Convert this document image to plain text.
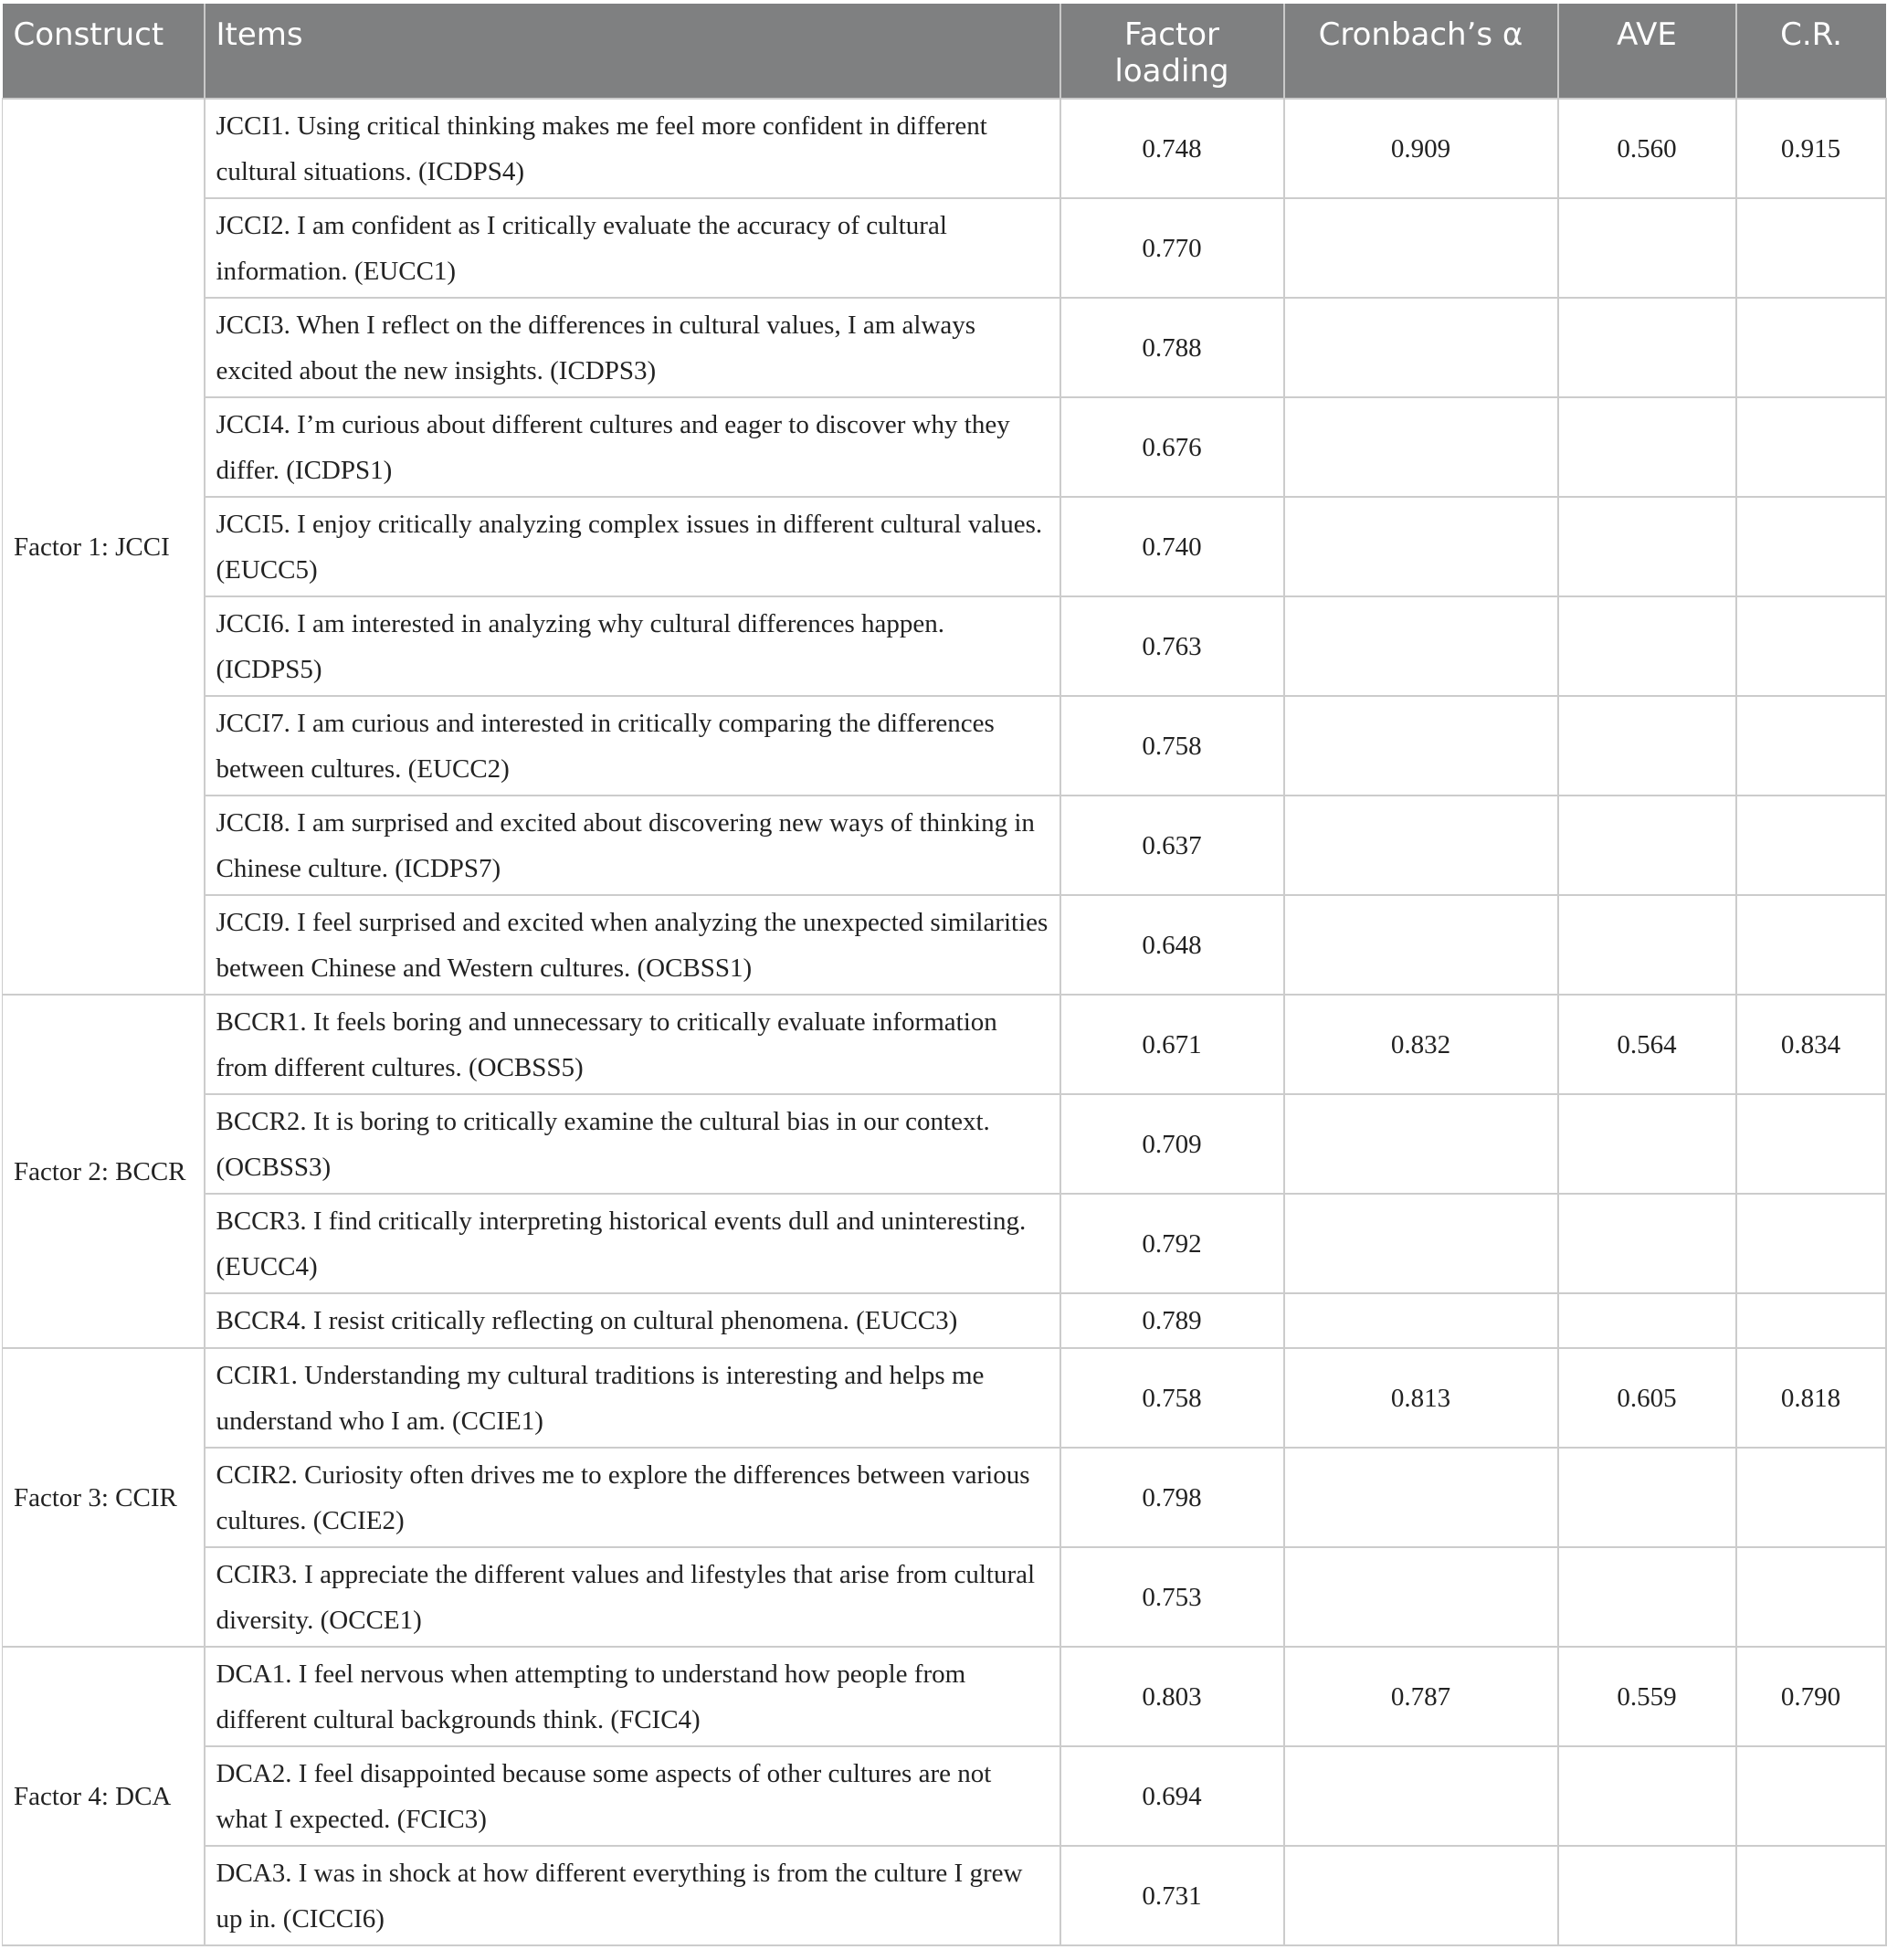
Construct	Items	Factor loading	Cronbach’s α	AVE	C.R.
Factor 1: JCCI	JCCI1. Using critical thinking makes me feel more confident in different cultural situations. (ICDPS4)	0.748	0.909	0.560	0.915
	JCCI2. I am confident as I critically evaluate the accuracy of cultural information. (EUCC1)	0.770			
	JCCI3. When I reflect on the differences in cultural values, I am always excited about the new insights. (ICDPS3)	0.788			
	JCCI4. I’m curious about different cultures and eager to discover why they differ. (ICDPS1)	0.676			
	JCCI5. I enjoy critically analyzing complex issues in different cultural values. (EUCC5)	0.740			
	JCCI6. I am interested in analyzing why cultural differences happen. (ICDPS5)	0.763			
	JCCI7. I am curious and interested in critically comparing the differences between cultures. (EUCC2)	0.758			
	JCCI8. I am surprised and excited about discovering new ways of thinking in Chinese culture. (ICDPS7)	0.637			
	JCCI9. I feel surprised and excited when analyzing the unexpected similarities between Chinese and Western cultures. (OCBSS1)	0.648			
Factor 2: BCCR	BCCR1. It feels boring and unnecessary to critically evaluate information from different cultures. (OCBSS5)	0.671	0.832	0.564	0.834
	BCCR2. It is boring to critically examine the cultural bias in our context. (OCBSS3)	0.709			
	BCCR3. I find critically interpreting historical events dull and uninteresting. (EUCC4)	0.792			
	BCCR4. I resist critically reflecting on cultural phenomena. (EUCC3)	0.789			
Factor 3: CCIR	CCIR1. Understanding my cultural traditions is interesting and helps me understand who I am. (CCIE1)	0.758	0.813	0.605	0.818
	CCIR2. Curiosity often drives me to explore the differences between various cultures. (CCIE2)	0.798			
	CCIR3. I appreciate the different values and lifestyles that arise from cultural diversity. (OCCE1)	0.753			
Factor 4: DCA	DCA1. I feel nervous when attempting to understand how people from different cultural backgrounds think. (FCIC4)	0.803	0.787	0.559	0.790
	DCA2. I feel disappointed because some aspects of other cultures are not what I expected. (FCIC3)	0.694			
	DCA3. I was in shock at how different everything is from the culture I grew up in. (CICCI6)	0.731			
